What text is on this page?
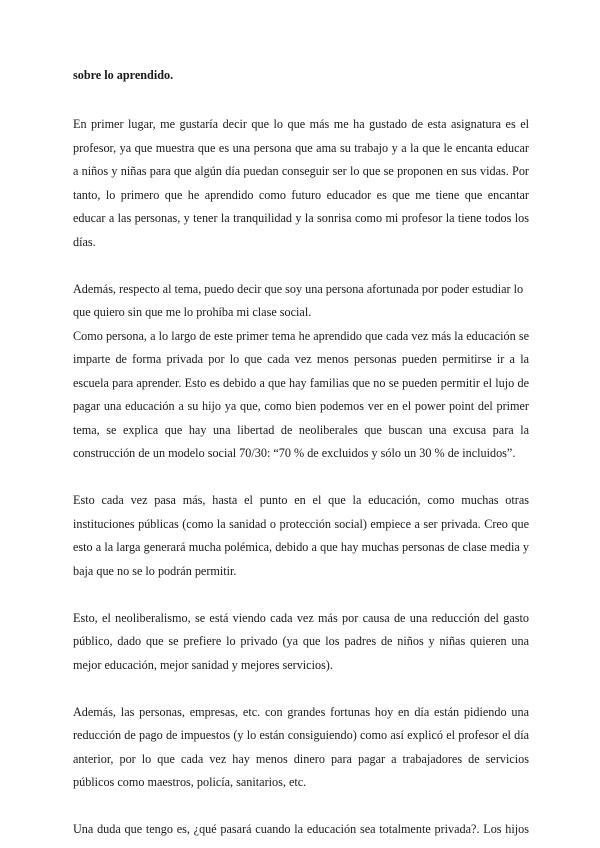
sobre lo aprendido.

En primer lugar, me gustaría decir que lo que más me ha gustado de esta asignatura es el profesor, ya que muestra que es una persona que ama su trabajo y a la que le encanta educar a niños y niñas para que algún día puedan conseguir ser lo que se proponen en sus vidas. Por tanto, lo primero que he aprendido como futuro educador es que me tiene que encantar educar a las personas, y tener la tranquilidad y la sonrisa como mi profesor la tiene todos los días.

Además, respecto al tema, puedo decir que soy una persona afortunada por poder estudiar lo que quiero sin que me lo prohíba mi clase social.

Como persona, a lo largo de este primer tema he aprendido que cada vez más la educación se imparte de forma privada por lo que cada vez menos personas pueden permitirse ir a la escuela para aprender. Esto es debido a que hay familias que no se pueden permitir el lujo de pagar una educación a su hijo ya que, como bien podemos ver en el power point del primer tema, se explica que hay una libertad de neoliberales que buscan una excusa para la construcción de un modelo social 70/30: “70 % de excluidos y sólo un 30 % de incluidos”.

Esto cada vez pasa más, hasta el punto en el que la educación, como muchas otras instituciones públicas (como la sanidad o protección social) empiece a ser privada. Creo que esto a la larga generará mucha polémica, debido a que hay muchas personas de clase media y baja que no se lo podrán permitir.

Esto, el neoliberalismo, se está viendo cada vez más por causa de una reducción del gasto público, dado que se prefiere lo privado (ya que los padres de niños y niñas quieren una mejor educación, mejor sanidad y mejores servicios).

Además, las personas, empresas, etc. con grandes fortunas hoy en día están pidiendo una reducción de pago de impuestos (y lo están consiguiendo) como así explicó el profesor el día anterior, por lo que cada vez hay menos dinero para pagar a trabajadores de servicios públicos como maestros, policía, sanitarios, etc.

Una duda que tengo es, ¿qué pasará cuando la educación sea totalmente privada?. Los hijos
